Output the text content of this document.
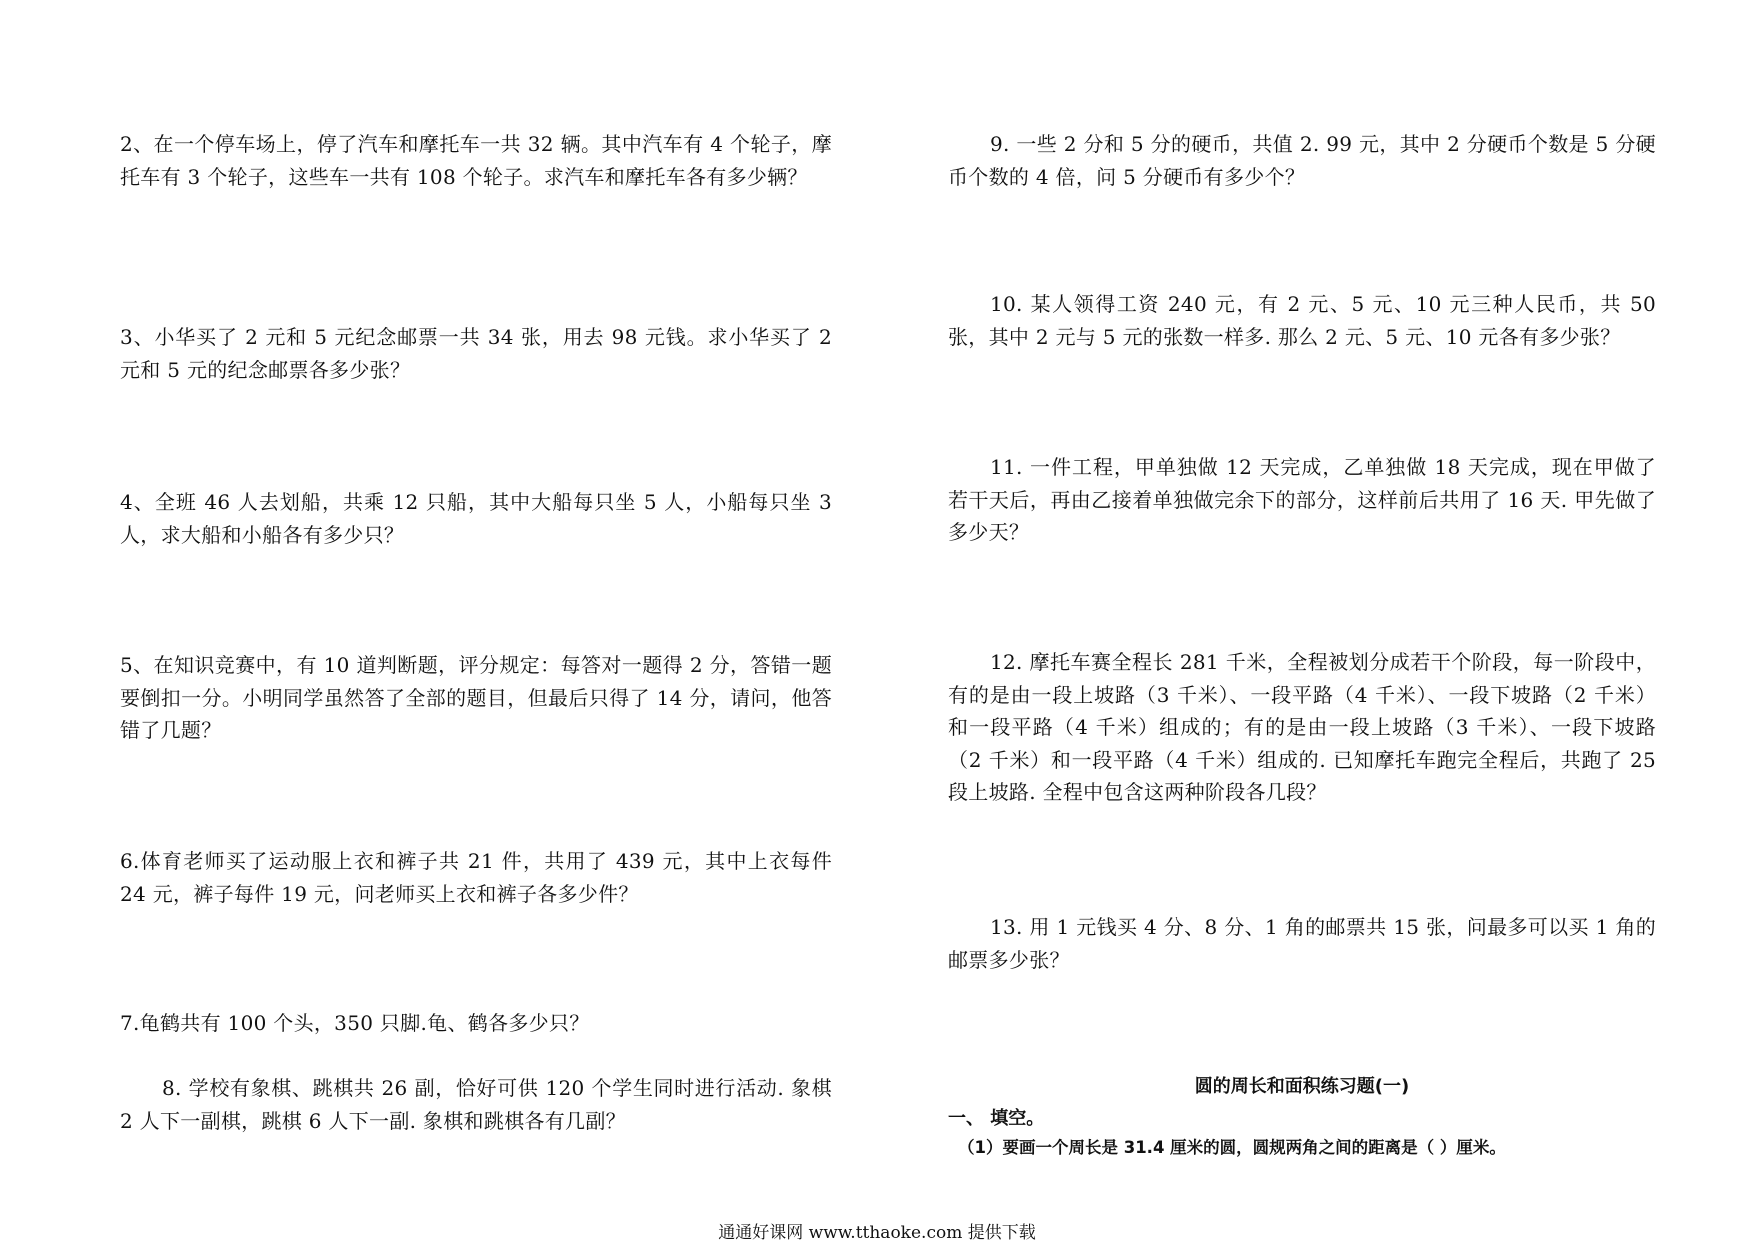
2、在一个停车场上，停了汽车和摩托车一共 32 辆。其中汽车有 4 个轮子，摩托车有 3 个轮子，这些车一共有 108 个轮子。求汽车和摩托车各有多少辆？

3、小华买了 2 元和 5 元纪念邮票一共 34 张，用去 98 元钱。求小华买了 2 元和 5 元的纪念邮票各多少张？

4、全班 46 人去划船，共乘 12 只船，其中大船每只坐 5 人，小船每只坐 3 人，求大船和小船各有多少只？

5、在知识竞赛中，有 10 道判断题，评分规定：每答对一题得 2 分，答错一题要倒扣一分。小明同学虽然答了全部的题目，但最后只得了 14 分，请问，他答错了几题？

6.体育老师买了运动服上衣和裤子共 21 件，共用了 439 元，其中上衣每件 24 元，裤子每件 19 元，问老师买上衣和裤子各多少件？

7.龟鹤共有 100 个头，350 只脚.龟、鹤各多少只？

8. 学校有象棋、跳棋共 26 副，恰好可供 120 个学生同时进行活动. 象棋 2 人下一副棋，跳棋 6 人下一副. 象棋和跳棋各有几副？

9. 一些 2 分和 5 分的硬币，共值 2. 99 元，其中 2 分硬币个数是 5 分硬币个数的 4 倍，问 5 分硬币有多少个？

10. 某人领得工资 240 元，有 2 元、5 元、10 元三种人民币，共 50 张，其中 2 元与 5 元的张数一样多. 那么 2 元、5 元、10 元各有多少张？

11. 一件工程，甲单独做 12 天完成，乙单独做 18 天完成，现在甲做了若干天后，再由乙接着单独做完余下的部分，这样前后共用了 16 天. 甲先做了多少天？

12. 摩托车赛全程长 281 千米，全程被划分成若干个阶段，每一阶段中，有的是由一段上坡路（3 千米）、一段平路（4 千米）、一段下坡路（2 千米）和一段平路（4 千米）组成的；有的是由一段上坡路（3 千米）、一段下坡路（2 千米）和一段平路（4 千米）组成的. 已知摩托车跑完全程后，共跑了 25 段上坡路. 全程中包含这两种阶段各几段？

13. 用 1 元钱买 4 分、8 分、1 角的邮票共 15 张，问最多可以买 1 角的邮票多少张？

圆的周长和面积练习题(一)

一、 填空。

（1）要画一个周长是 31.4 厘米的圆，圆规两角之间的距离是（ ）厘米。

通通好课网 www.tthaoke.com 提供下载
